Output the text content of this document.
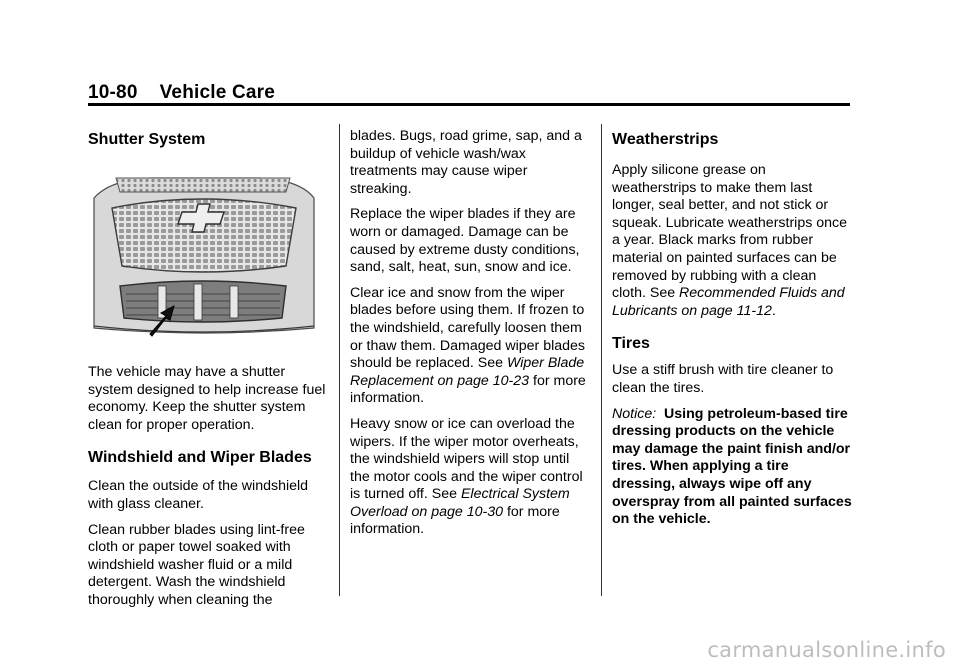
10-80 Vehicle Care
Shutter System

The vehicle may have a shutter system designed to help increase fuel economy. Keep the shutter system clean for proper operation.

Windshield and Wiper Blades

Clean the outside of the windshield with glass cleaner.

Clean rubber blades using lint-free cloth or paper towel soaked with windshield washer fluid or a mild detergent. Wash the windshield thoroughly when cleaning the

blades. Bugs, road grime, sap, and a buildup of vehicle wash/wax treatments may cause wiper streaking.

Replace the wiper blades if they are worn or damaged. Damage can be caused by extreme dusty conditions, sand, salt, heat, sun, snow and ice.

Clear ice and snow from the wiper blades before using them. If frozen to the windshield, carefully loosen them or thaw them. Damaged wiper blades should be replaced. See Wiper Blade Replacement on page 10-23 for more information.

Heavy snow or ice can overload the wipers. If the wiper motor overheats, the windshield wipers will stop until the motor cools and the wiper control is turned off. See Electrical System Overload on page 10-30 for more information.

Weatherstrips

Apply silicone grease on weatherstrips to make them last longer, seal better, and not stick or squeak. Lubricate weatherstrips once a year. Black marks from rubber material on painted surfaces can be removed by rubbing with a clean cloth. See Recommended Fluids and Lubricants on page 11-12.

Tires

Use a stiff brush with tire cleaner to clean the tires.

Notice: Using petroleum-based tire dressing products on the vehicle may damage the paint finish and/or tires. When applying a tire dressing, always wipe off any overspray from all painted surfaces on the vehicle.

carmanualsonline.info
